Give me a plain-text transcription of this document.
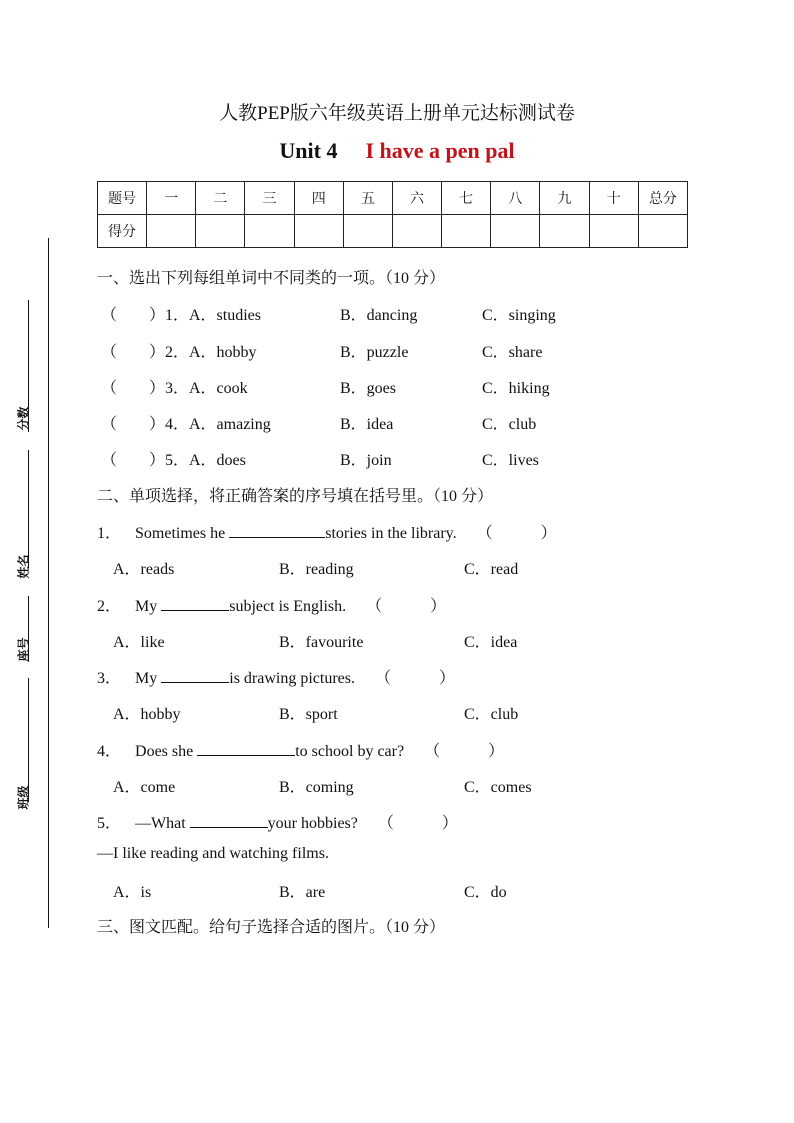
人教PEP版六年级英语上册单元达标测试卷
Unit 4 I have a pen pal
题号	一	二	三	四	五	六	七	八	九	十	总分
得分											
分数
姓名
座号
班级
一、选出下列每组单词中不同类的一项。（10 分）
（　　）1．A．studies	B．dancing	C．singing
（　　）2．A．hobby	B．puzzle	C．share
（　　）3．A．cook	B．goes	C．hiking
（　　）4．A．amazing	B．idea	C．club
（　　）5．A．does	B．join	C．lives
二、单项选择，将正确答案的序号填在括号里。（10 分）
1． Sometimes he	stories in the library. （　　　）
A．reads	B．reading	C．read
2． My	subject is English. （　　　）
A．like	B．favourite	C．idea
3． My	is drawing pictures. （　　　）
A．hobby	B．sport	C．club
4． Does she	to school by car? （　　　）
A．come	B．coming	C．comes
5． —What	your hobbies? （　　　）
—I like reading and watching films.
A．is	B．are	C．do
三、图文匹配。给句子选择合适的图片。（10 分）
